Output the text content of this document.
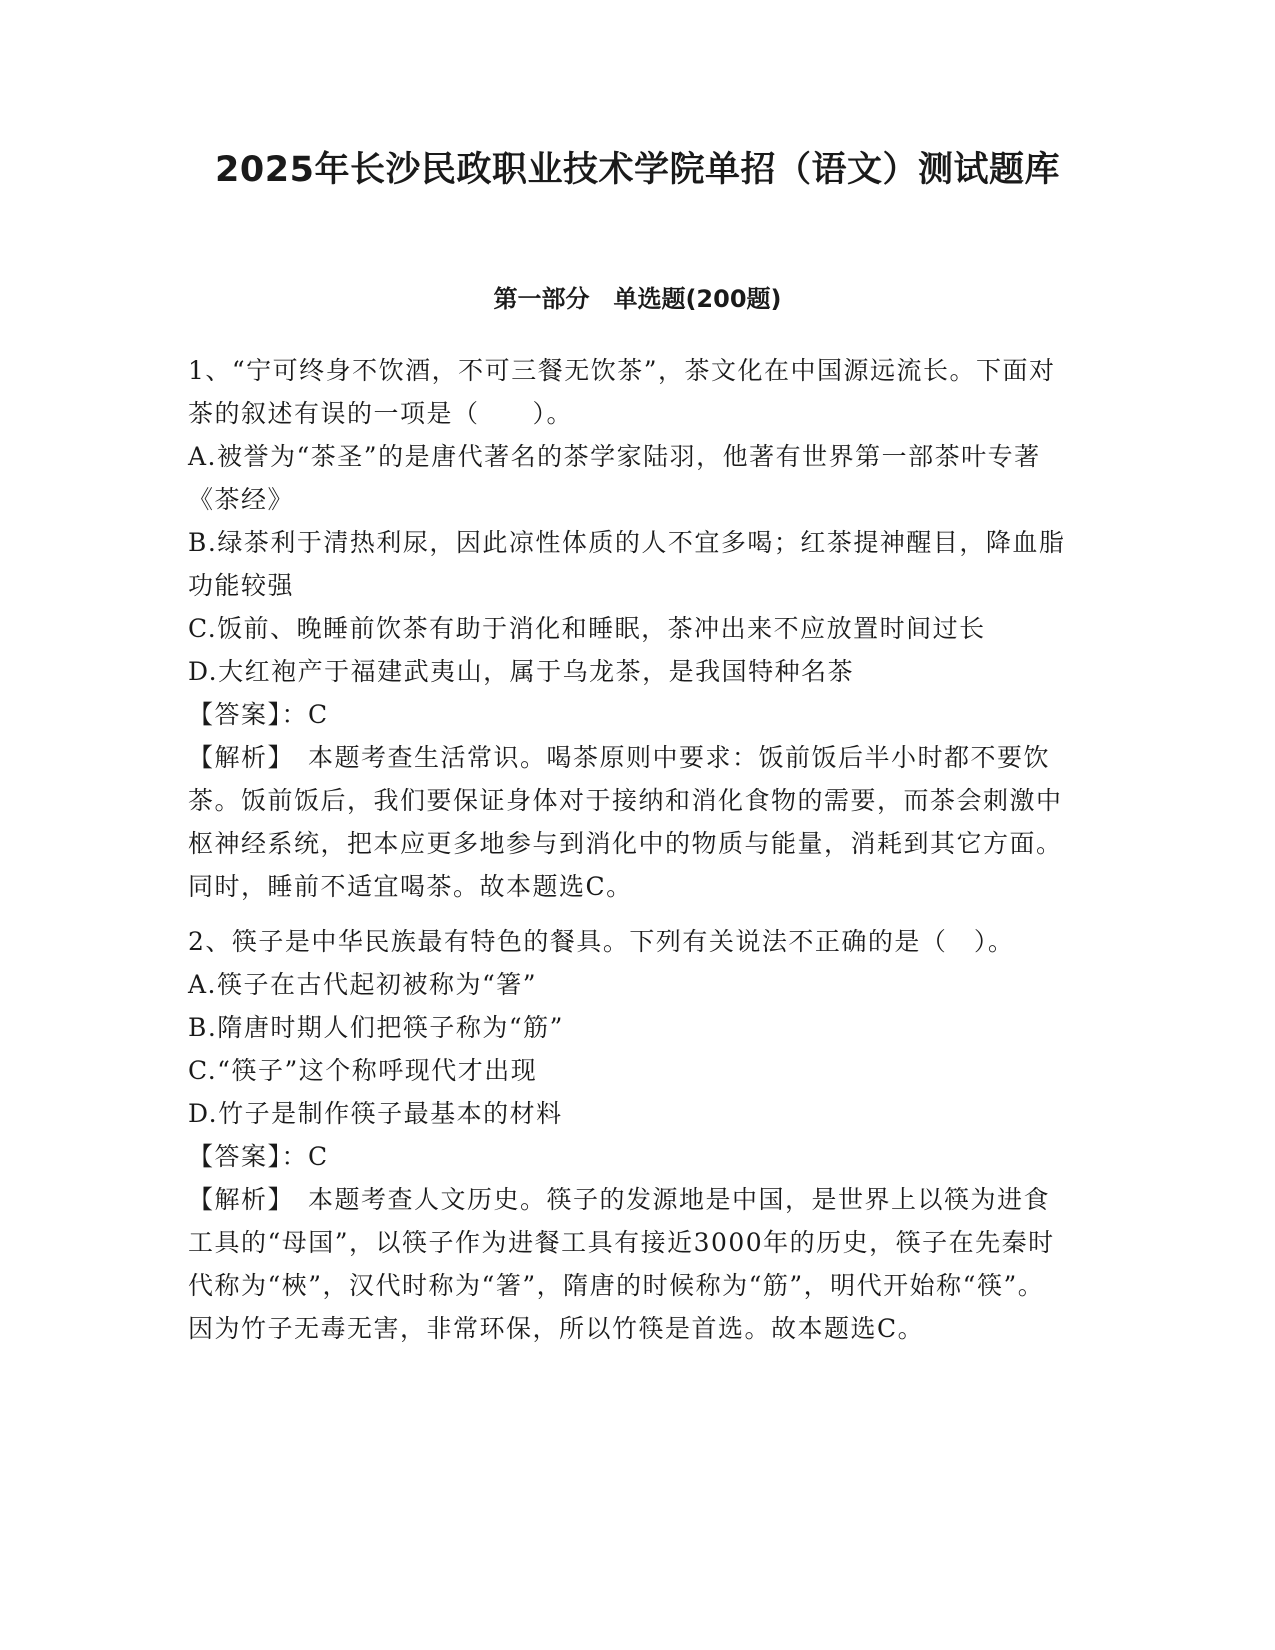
2025年长沙民政职业技术学院单招（语文）测试题库
第一部分　单选题(200题)

1、“宁可终身不饮酒，不可三餐无饮茶”，茶文化在中国源远流长。下面对茶的叙述有误的一项是（　　）。

A.被誉为“茶圣”的是唐代著名的茶学家陆羽，他著有世界第一部茶叶专著《茶经》

B.绿茶利于清热利尿，因此凉性体质的人不宜多喝；红茶提神醒目，降血脂功能较强

C.饭前、晚睡前饮茶有助于消化和睡眠，茶冲出来不应放置时间过长

D.大红袍产于福建武夷山，属于乌龙茶，是我国特种名茶

【答案】：C

【解析】　本题考查生活常识。喝茶原则中要求：饭前饭后半小时都不要饮茶。饭前饭后，我们要保证身体对于接纳和消化食物的需要，而茶会刺激中枢神经系统，把本应更多地参与到消化中的物质与能量，消耗到其它方面。同时，睡前不适宜喝茶。故本题选C。

2、筷子是中华民族最有特色的餐具。下列有关说法不正确的是（　）。

A.筷子在古代起初被称为“箸”

B.隋唐时期人们把筷子称为“筋”

C.“筷子”这个称呼现代才出现

D.竹子是制作筷子最基本的材料

【答案】：C

【解析】　本题考查人文历史。筷子的发源地是中国，是世界上以筷为进食工具的“母国”，以筷子作为进餐工具有接近3000年的历史，筷子在先秦时代称为“梜”，汉代时称为“箸”，隋唐的时候称为“筋”，明代开始称“筷”。因为竹子无毒无害，非常环保，所以竹筷是首选。故本题选C。
